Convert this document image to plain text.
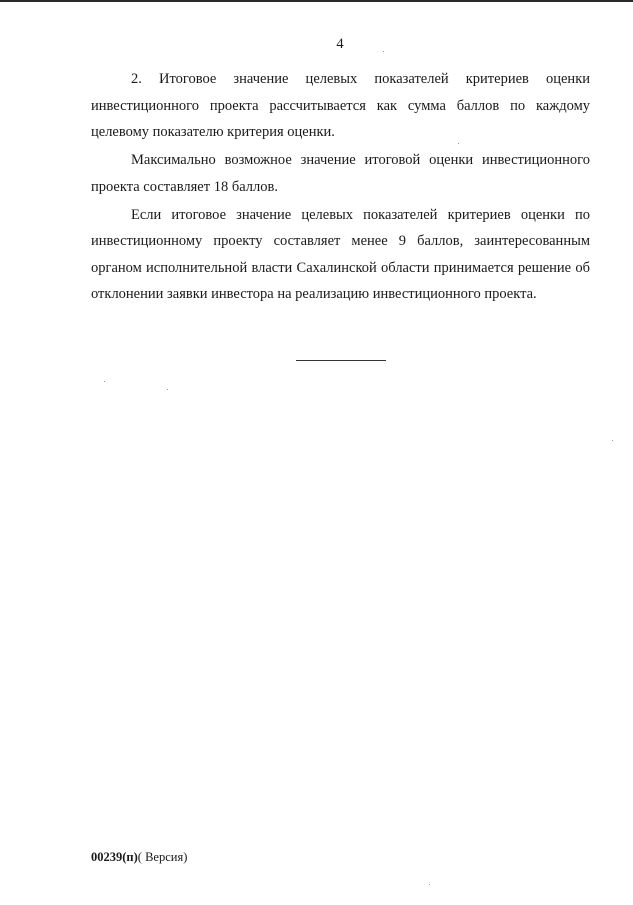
4

2. Итоговое значение целевых показателей критериев оценки инвестиционного проекта рассчитывается как сумма баллов по каждому целевому показателю критерия оценки.

Максимально возможное значение итоговой оценки инвестиционного проекта составляет 18 баллов.

Если итоговое значение целевых показателей критериев оценки по инвестиционному проекту составляет менее 9 баллов, заинтересованным органом исполнительной власти Сахалинской области принимается решение об отклонении заявки инвестора на реализацию инвестиционного проекта.

00239(п)( Версия)
